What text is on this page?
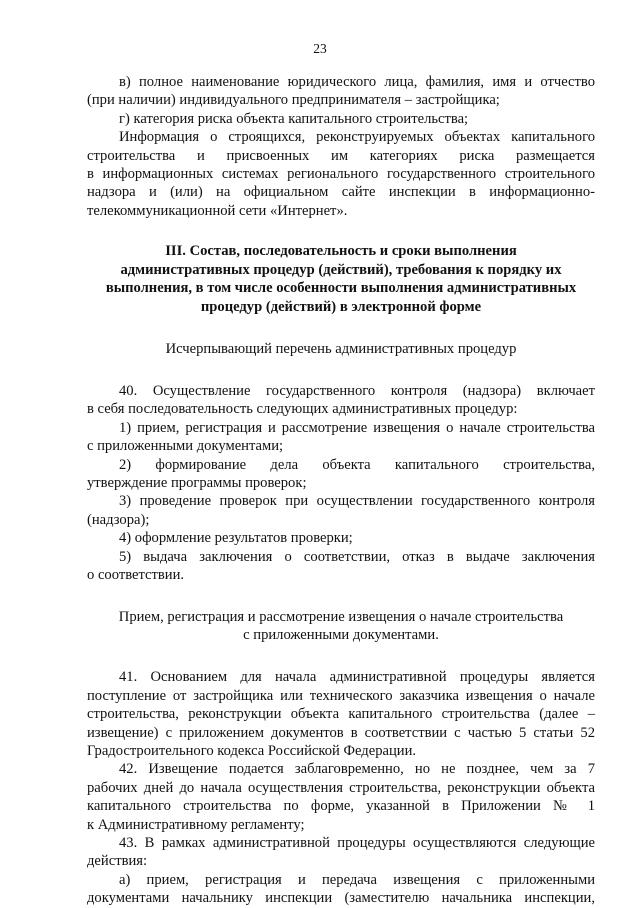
23

в) полное наименование юридического лица, фамилия, имя и отчество

(при наличии) индивидуального предпринимателя – застройщика;

г) категория риска объекта капитального строительства;

Информация о строящихся, реконструируемых объектах капитального

строительства и присвоенных им категориях риска размещается

в информационных системах регионального государственного строительного

надзора и (или) на официальном сайте инспекции в информационно-

телекоммуникационной сети «Интернет».

III. Состав, последовательность и сроки выполнения
административных процедур (действий), требования к порядку их
выполнения, в том числе особенности выполнения административных
процедур (действий) в электронной форме

Исчерпывающий перечень административных процедур

40. Осуществление государственного контроля (надзора) включает

в себя последовательность следующих административных процедур:

1) прием, регистрация и рассмотрение извещения о начале строительства

с приложенными документами;

2) формирование дела объекта капитального строительства,

утверждение программы проверок;

3) проведение проверок при осуществлении государственного контроля

(надзора);

4) оформление результатов проверки;

5) выдача заключения о соответствии, отказ в выдаче заключения

о соответствии.

Прием, регистрация и рассмотрение извещения о начале строительства
с приложенными документами.

41. Основанием для начала административной процедуры является

поступление от застройщика или технического заказчика извещения о начале

строительства, реконструкции объекта капитального строительства (далее –

извещение) с приложением документов в соответствии с частью 5 статьи 52

Градостроительного кодекса Российской Федерации.

42. Извещение подается заблаговременно, но не позднее, чем за 7

рабочих дней до начала осуществления строительства, реконструкции объекта

капитального строительства по форме, указанной в Приложении № 1

к Административному регламенту;

43. В рамках административной процедуры осуществляются следующие

действия:

а) прием, регистрация и передача извещения с приложенными

документами начальнику инспекции (заместителю начальника инспекции,
